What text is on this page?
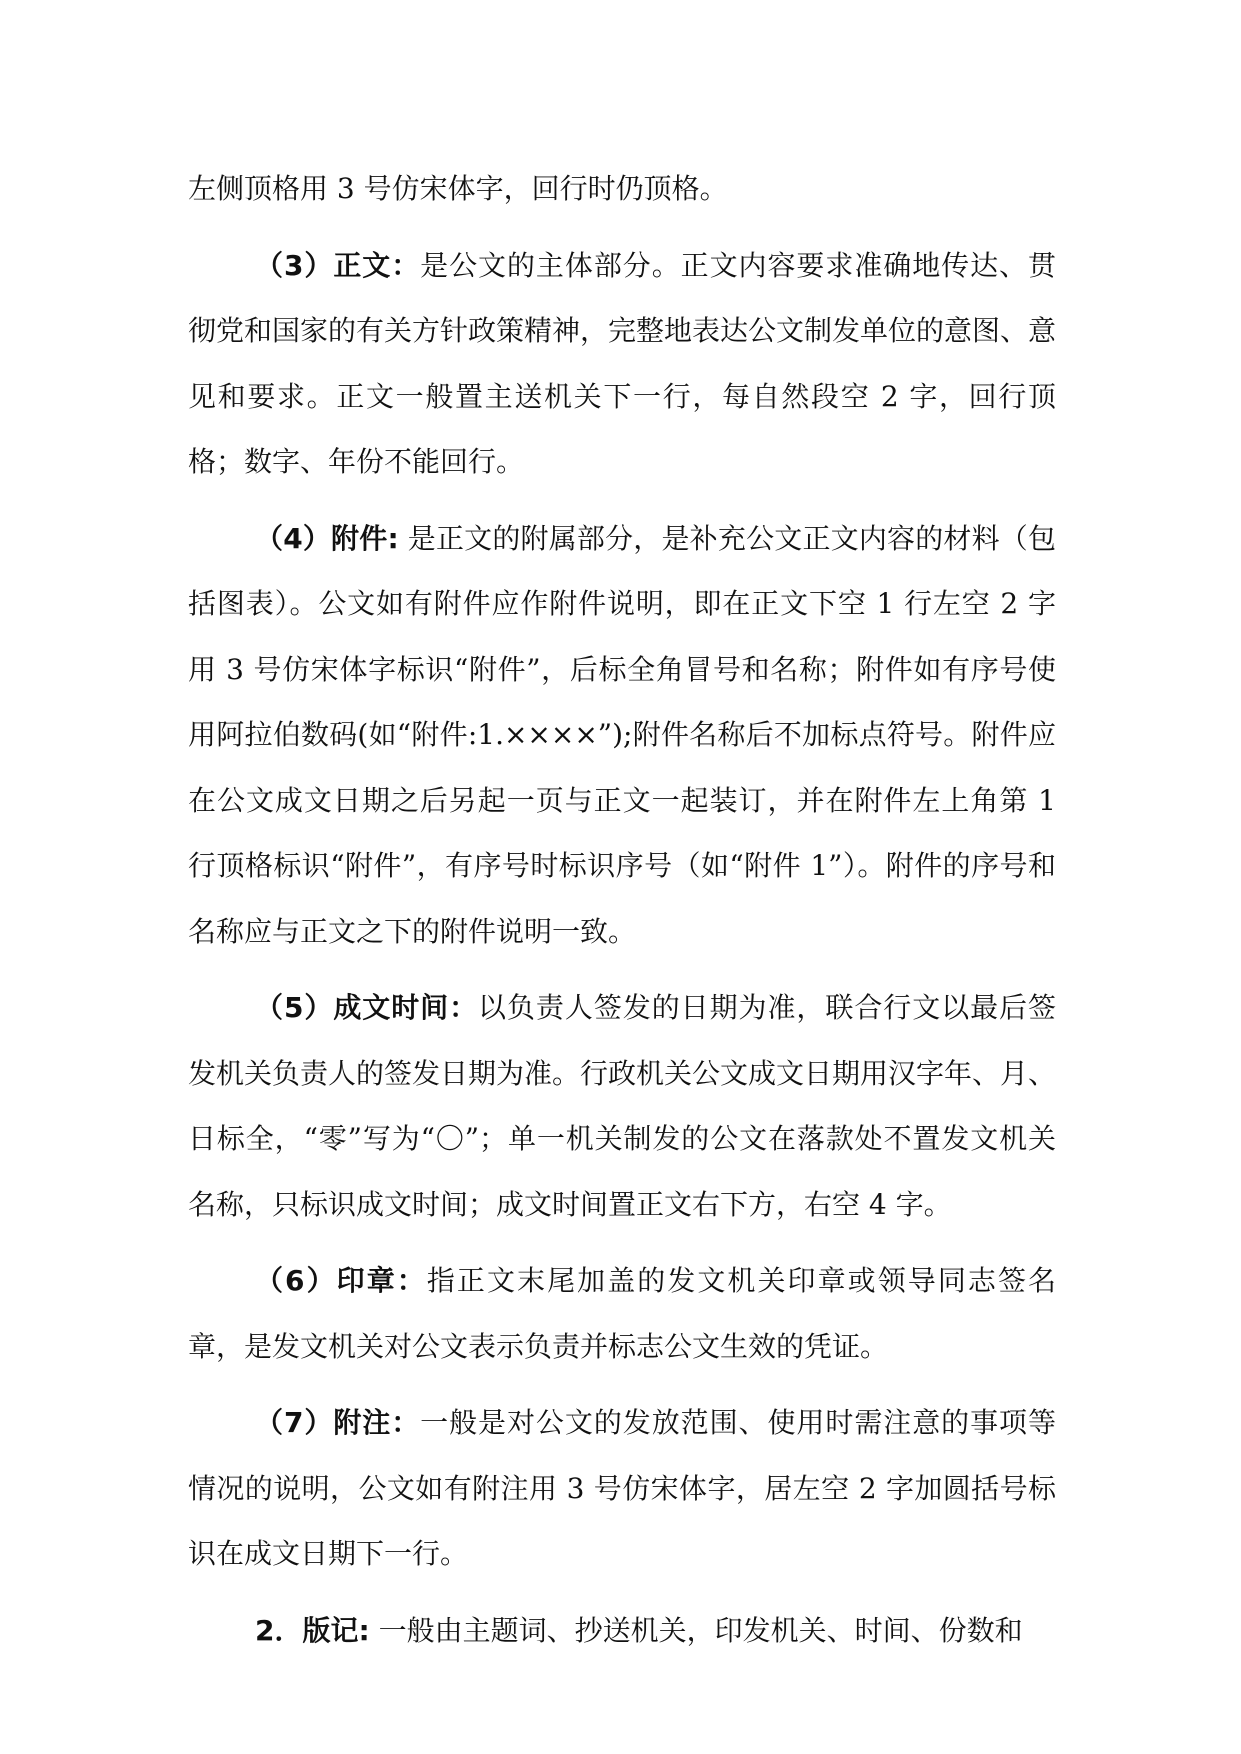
左侧顶格用 3 号仿宋体字，回行时仍顶格。

（3）正文：是公文的主体部分。正文内容要求准确地传达、贯彻党和国家的有关方针政策精神，完整地表达公文制发单位的意图、意见和要求。正文一般置主送机关下一行，每自然段空 2 字，回行顶格；数字、年份不能回行。

（4）附件: 是正文的附属部分，是补充公文正文内容的材料（包括图表）。公文如有附件应作附件说明，即在正文下空 1 行左空 2 字用 3 号仿宋体字标识“附件”，后标全角冒号和名称；附件如有序号使用阿拉伯数码(如“附件:1.××××”);附件名称后不加标点符号。附件应在公文成文日期之后另起一页与正文一起装订，并在附件左上角第 1 行顶格标识“附件”，有序号时标识序号（如“附件 1”）。附件的序号和名称应与正文之下的附件说明一致。

（5）成文时间：以负责人签发的日期为准，联合行文以最后签发机关负责人的签发日期为准。行政机关公文成文日期用汉字年、月、日标全，“零”写为“〇”；单一机关制发的公文在落款处不置发文机关名称，只标识成文时间；成文时间置正文右下方，右空 4 字。

（6）印章：指正文末尾加盖的发文机关印章或领导同志签名章，是发文机关对公文表示负责并标志公文生效的凭证。

（7）附注：一般是对公文的发放范围、使用时需注意的事项等情况的说明，公文如有附注用 3 号仿宋体字，居左空 2 字加圆括号标识在成文日期下一行。

2．版记: 一般由主题词、抄送机关，印发机关、时间、份数和
